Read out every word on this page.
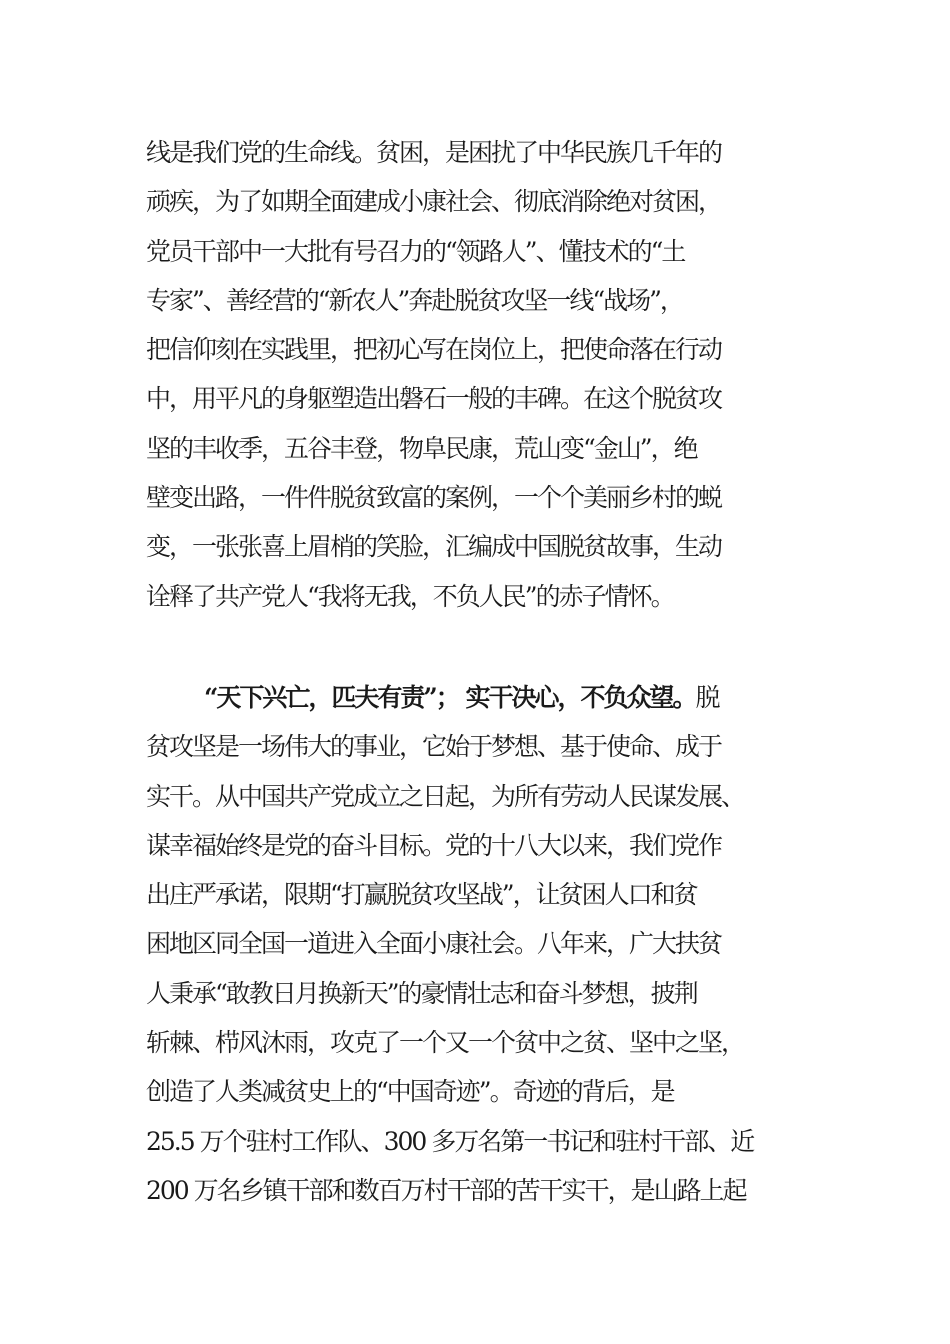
线是我们党的生命线。贫困，是困扰了中华民族几千年的
顽疾，为了如期全面建成小康社会、彻底消除绝对贫困，
党员干部中一大批有号召力的“领路人”、懂技术的“土
专家”、善经营的“新农人”奔赴脱贫攻坚一线“战场”，
把信仰刻在实践里，把初心写在岗位上，把使命落在行动
中，用平凡的身躯塑造出磐石一般的丰碑。在这个脱贫攻
坚的丰收季，五谷丰登，物阜民康，荒山变“金山”，绝
壁变出路，一件件脱贫致富的案例，一个个美丽乡村的蜕
变，一张张喜上眉梢的笑脸，汇编成中国脱贫故事，生动
诠释了共产党人“我将无我，不负人民”的赤子情怀。
“天下兴亡，匹夫有责”； 实干决心，不负众望。脱
贫攻坚是一场伟大的事业，它始于梦想、基于使命、成于
实干。从中国共产党成立之日起，为所有劳动人民谋发展、
谋幸福始终是党的奋斗目标。党的十八大以来，我们党作
出庄严承诺，限期“打赢脱贫攻坚战”，让贫困人口和贫
困地区同全国一道进入全面小康社会。八年来，广大扶贫
人秉承“敢教日月换新天”的豪情壮志和奋斗梦想，披荆
斩棘、栉风沐雨，攻克了一个又一个贫中之贫、坚中之坚，
创造了人类减贫史上的“中国奇迹”。奇迹的背后，是
25.5 万个驻村工作队、300 多万名第一书记和驻村干部、近
200 万名乡镇干部和数百万村干部的苦干实干，是山路上起
